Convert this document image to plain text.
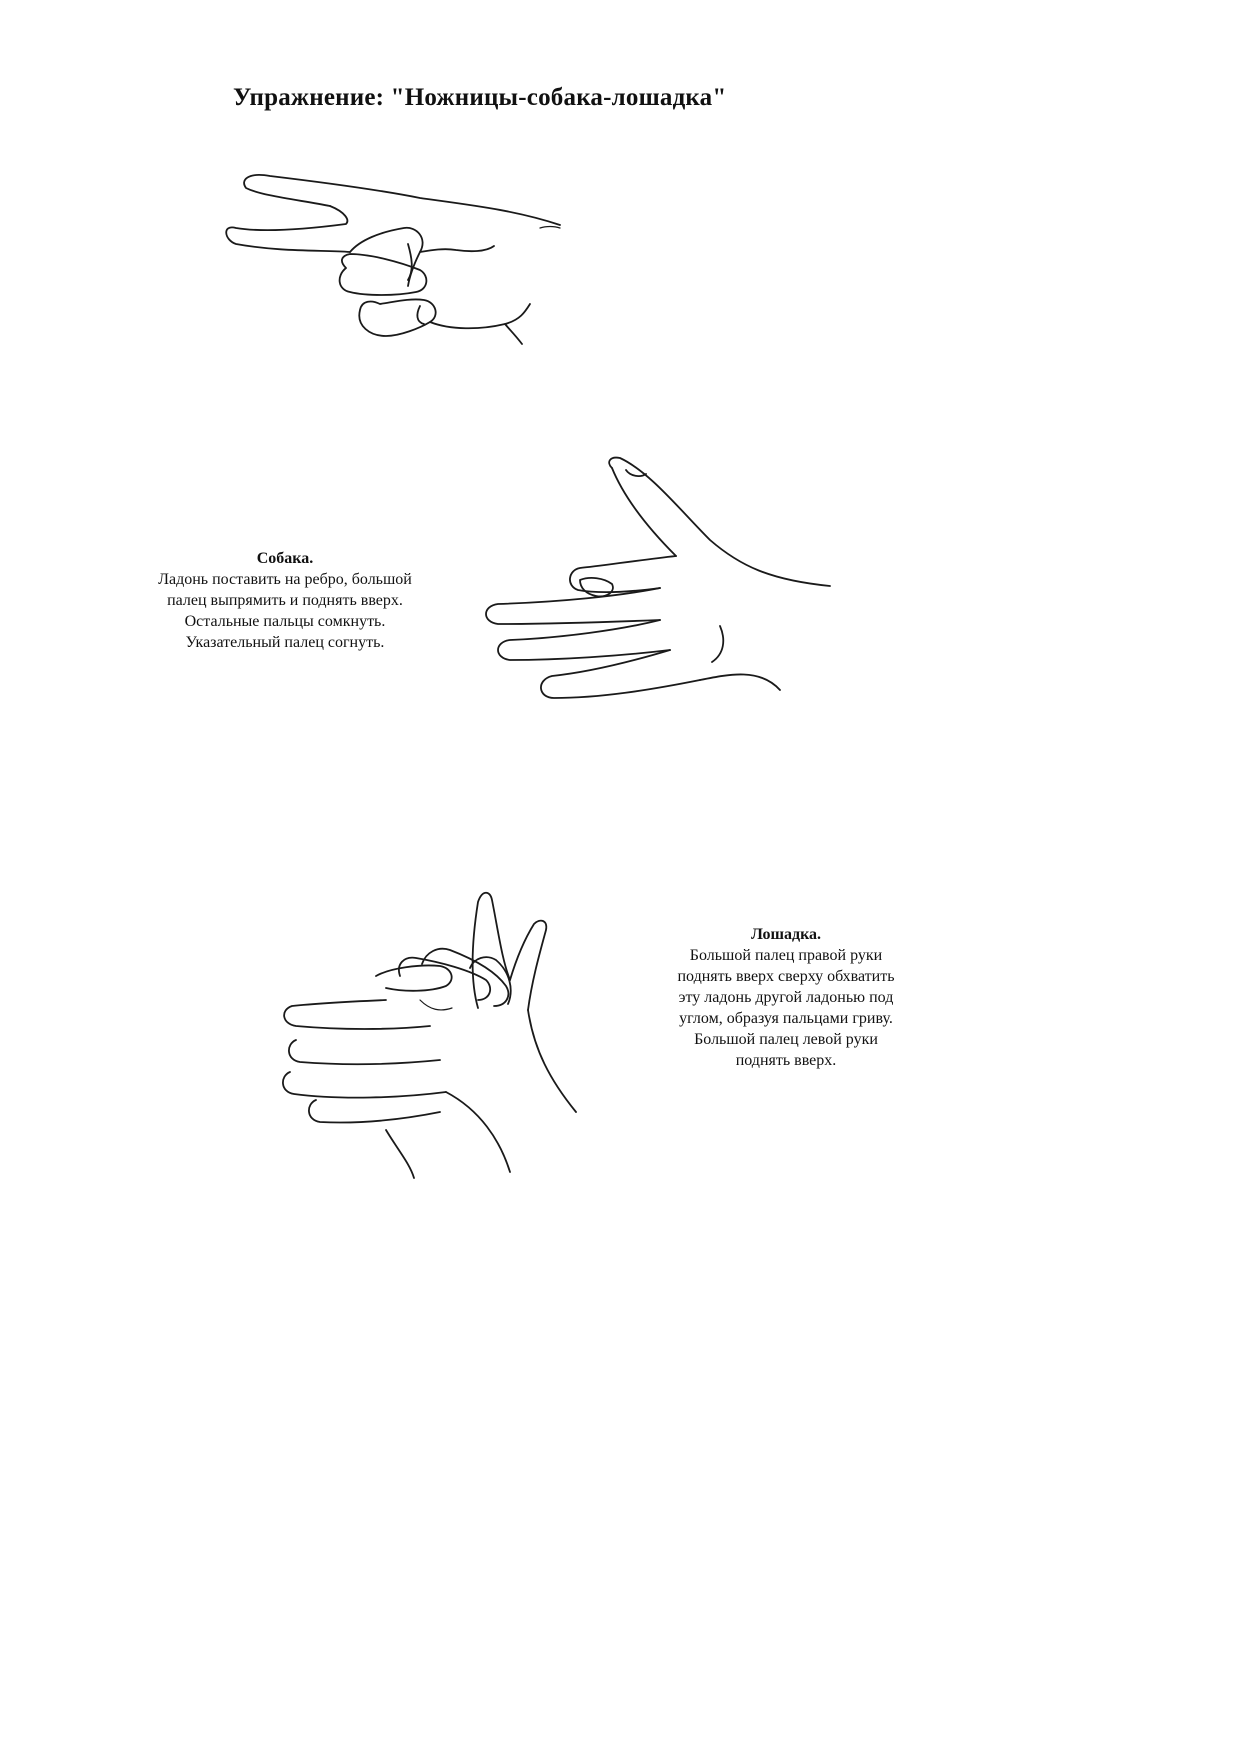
Упражнение: "Ножницы-собака-лошадка"
Собака.
Ладонь поставить на ребро, большой
палец выпрямить и поднять вверх.
Остальные пальцы сомкнуть.
Указательный палец согнуть.
Лошадка.
Большой палец правой руки
поднять вверх сверху обхватить
эту ладонь другой ладонью под
углом, образуя пальцами гриву.
Большой палец левой руки
поднять вверх.
